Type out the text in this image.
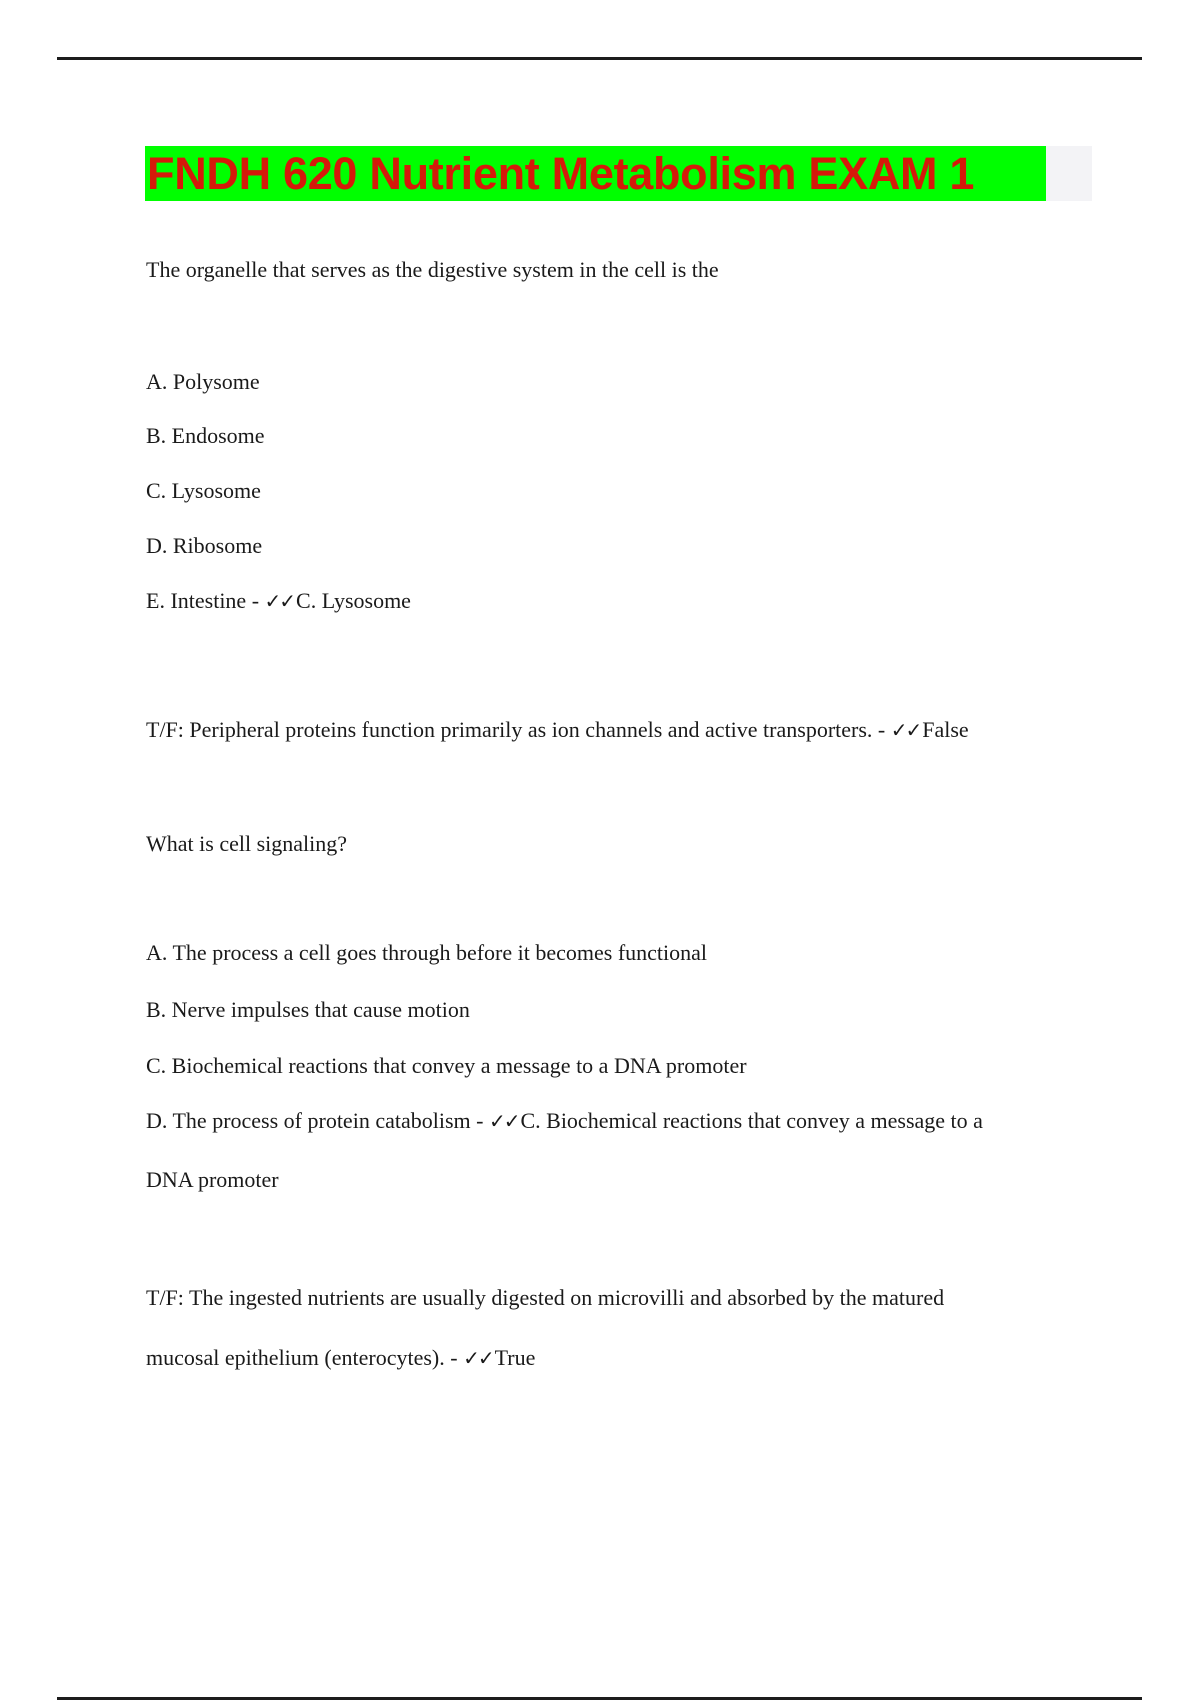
FNDH 620 Nutrient Metabolism EXAM 1
The organelle that serves as the digestive system in the cell is the
A. Polysome
B. Endosome
C. Lysosome
D. Ribosome
E. Intestine - ✓✓C. Lysosome
T/F: Peripheral proteins function primarily as ion channels and active transporters. - ✓✓False
What is cell signaling?
A. The process a cell goes through before it becomes functional
B. Nerve impulses that cause motion
C. Biochemical reactions that convey a message to a DNA promoter
D. The process of protein catabolism - ✓✓C. Biochemical reactions that convey a message to a
DNA promoter
T/F: The ingested nutrients are usually digested on microvilli and absorbed by the matured
mucosal epithelium (enterocytes). - ✓✓True
